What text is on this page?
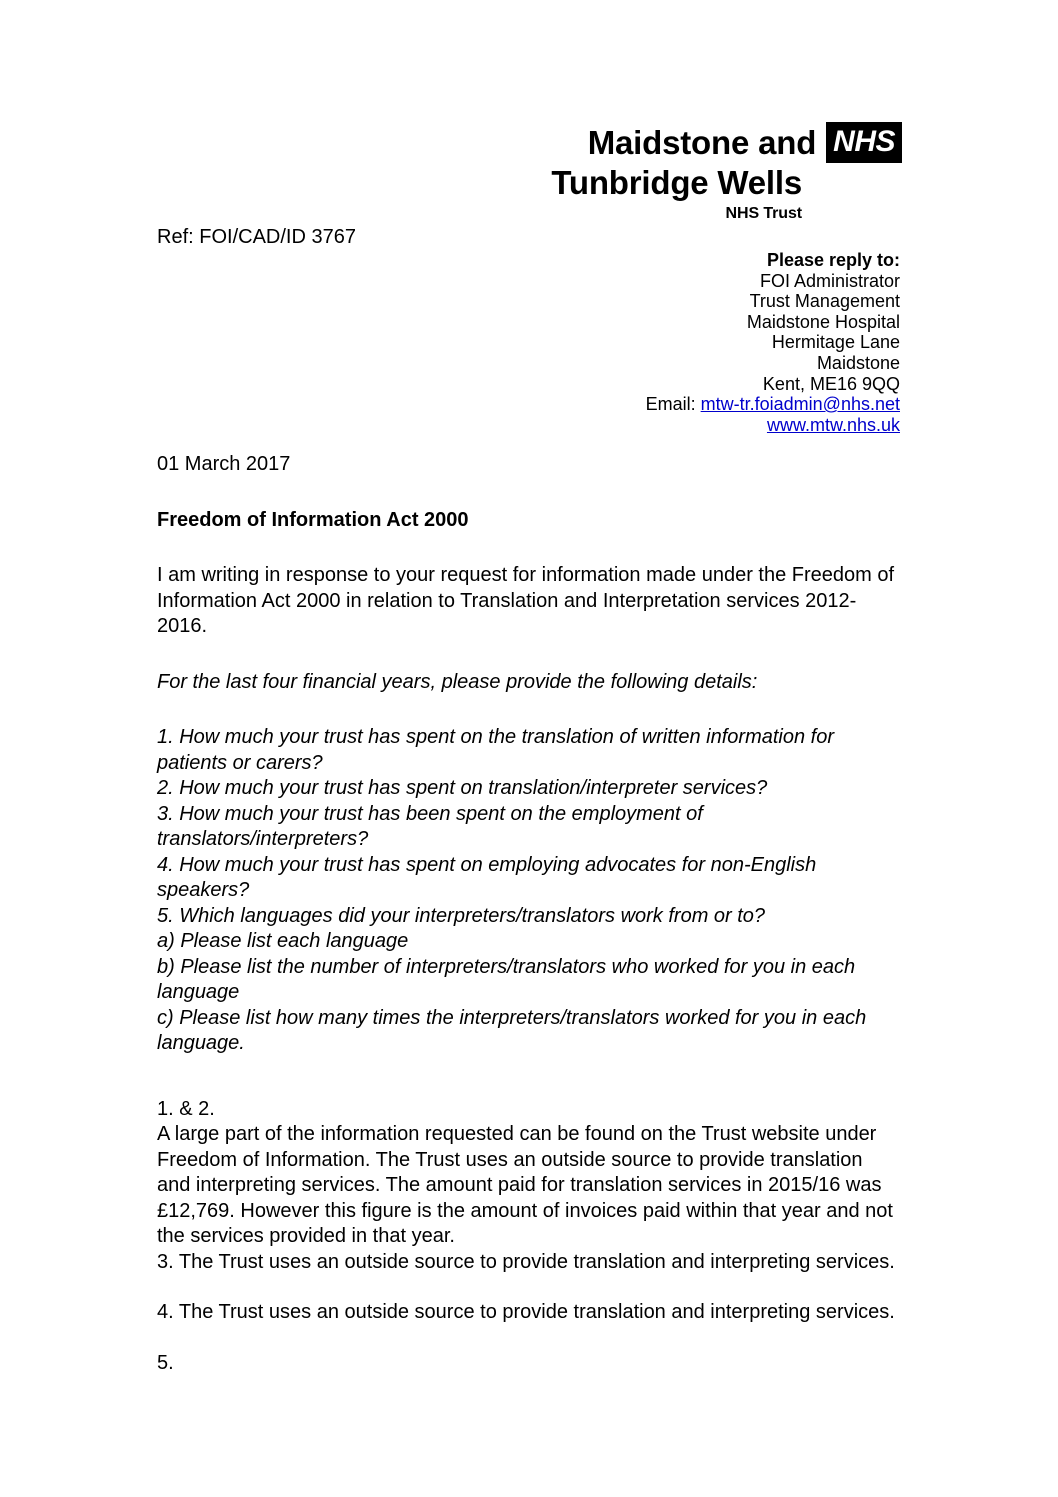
Maidstone and NHS
Tunbridge Wells
NHS Trust
Ref: FOI/CAD/ID 3767
Please reply to:
FOI Administrator
Trust Management
Maidstone Hospital
Hermitage Lane
Maidstone
Kent, ME16 9QQ
Email: mtw-tr.foiadmin@nhs.net
www.mtw.nhs.uk

01 March 2017

Freedom of Information Act 2000

I am writing in response to your request for information made under the Freedom of Information Act 2000 in relation to Translation and Interpretation services 2012-2016.

For the last four financial years, please provide the following details:

1. How much your trust has spent on the translation of written information for patients or carers?

2. How much your trust has spent on translation/interpreter services?

3. How much your trust has been spent on the employment of translators/interpreters?

4. How much your trust has spent on employing advocates for non-English speakers?

5. Which languages did your interpreters/translators work from or to?

a) Please list each language

b) Please list the number of interpreters/translators who worked for you in each language

c) Please list how many times the interpreters/translators worked for you in each language.

1. & 2.

A large part of the information requested can be found on the Trust website under Freedom of Information. The Trust uses an outside source to provide translation and interpreting services. The amount paid for translation services in 2015/16 was £12,769. However this figure is the amount of invoices paid within that year and not the services provided in that year.

3. The Trust uses an outside source to provide translation and interpreting services.

4. The Trust uses an outside source to provide translation and interpreting services.

5.
